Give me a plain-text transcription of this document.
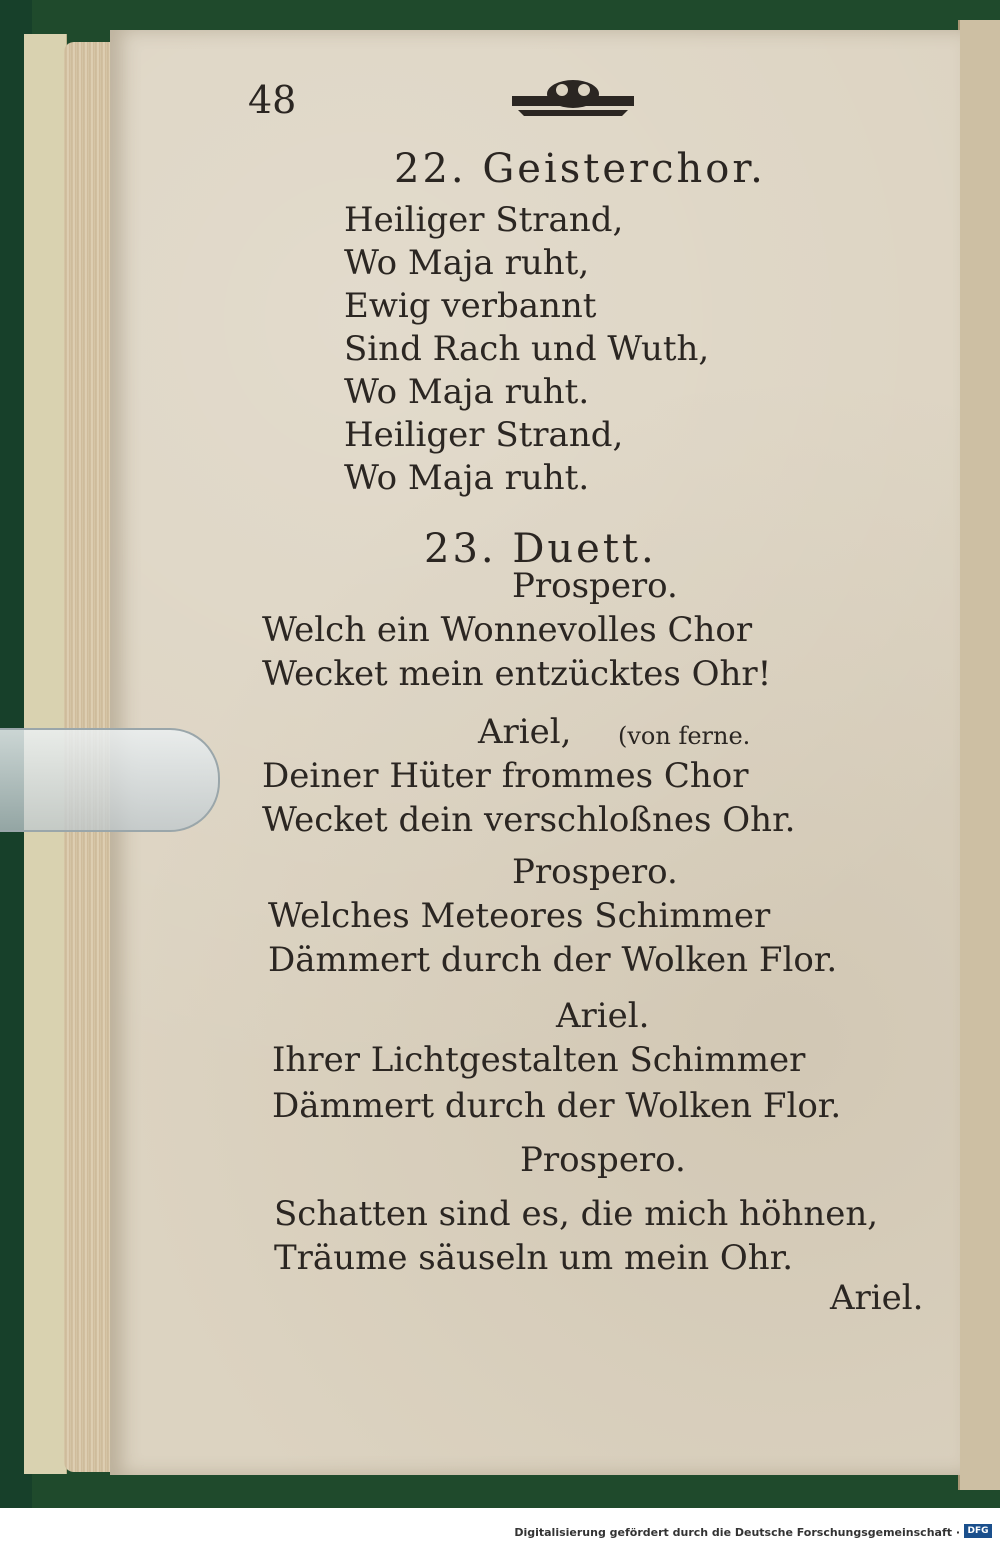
48
22. Geisterchor.
Heiliger Strand,
Wo Maja ruht,
Ewig verbannt
Sind Rach und Wuth,
Wo Maja ruht.
Heiliger Strand,
Wo Maja ruht.
23. Duett.
Prospero.
Welch ein Wonnevolles Chor
Wecket mein entzücktes Ohr!
Ariel, (von ferne.
Deiner Hüter frommes Chor
Wecket dein verschloßnes Ohr.
Prospero.
Welches Meteores Schimmer
Dämmert durch der Wolken Flor.
Ariel.
Ihrer Lichtgestalten Schimmer
Dämmert durch der Wolken Flor.
Prospero.
Schatten sind es, die mich höhnen,
Träume säuseln um mein Ohr.
Ariel.
Digitalisierung gefördert durch die Deutsche Forschungsgemeinschaft · DFG
